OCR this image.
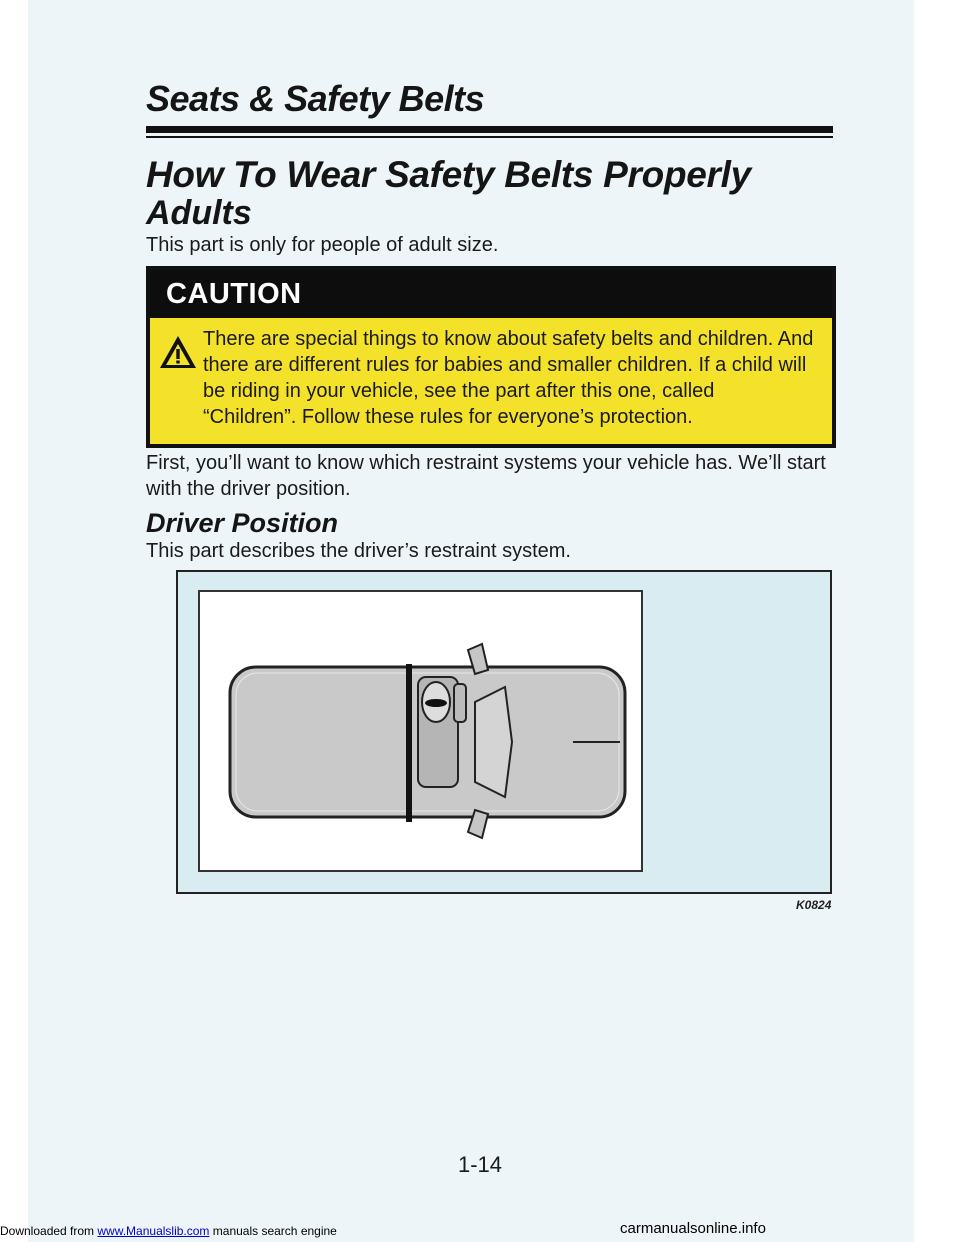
Seats & Safety Belts
How To Wear Safety Belts Properly
Adults

This part is only for people of adult size.

CAUTION
There are special things to know about safety belts and children. And
there are different rules for babies and smaller children. If a child will
be riding in your vehicle, see the part after this one, called
“Children”. Follow these rules for everyone’s protection.

First, you’ll want to know which restraint systems your vehicle has. We’ll start

Driver Position

This part describes the driver’s restraint system.

K0824

1-14

Downloaded from www.Manualslib.com manuals search engine	carmanualsonline.info

with the driver position.
